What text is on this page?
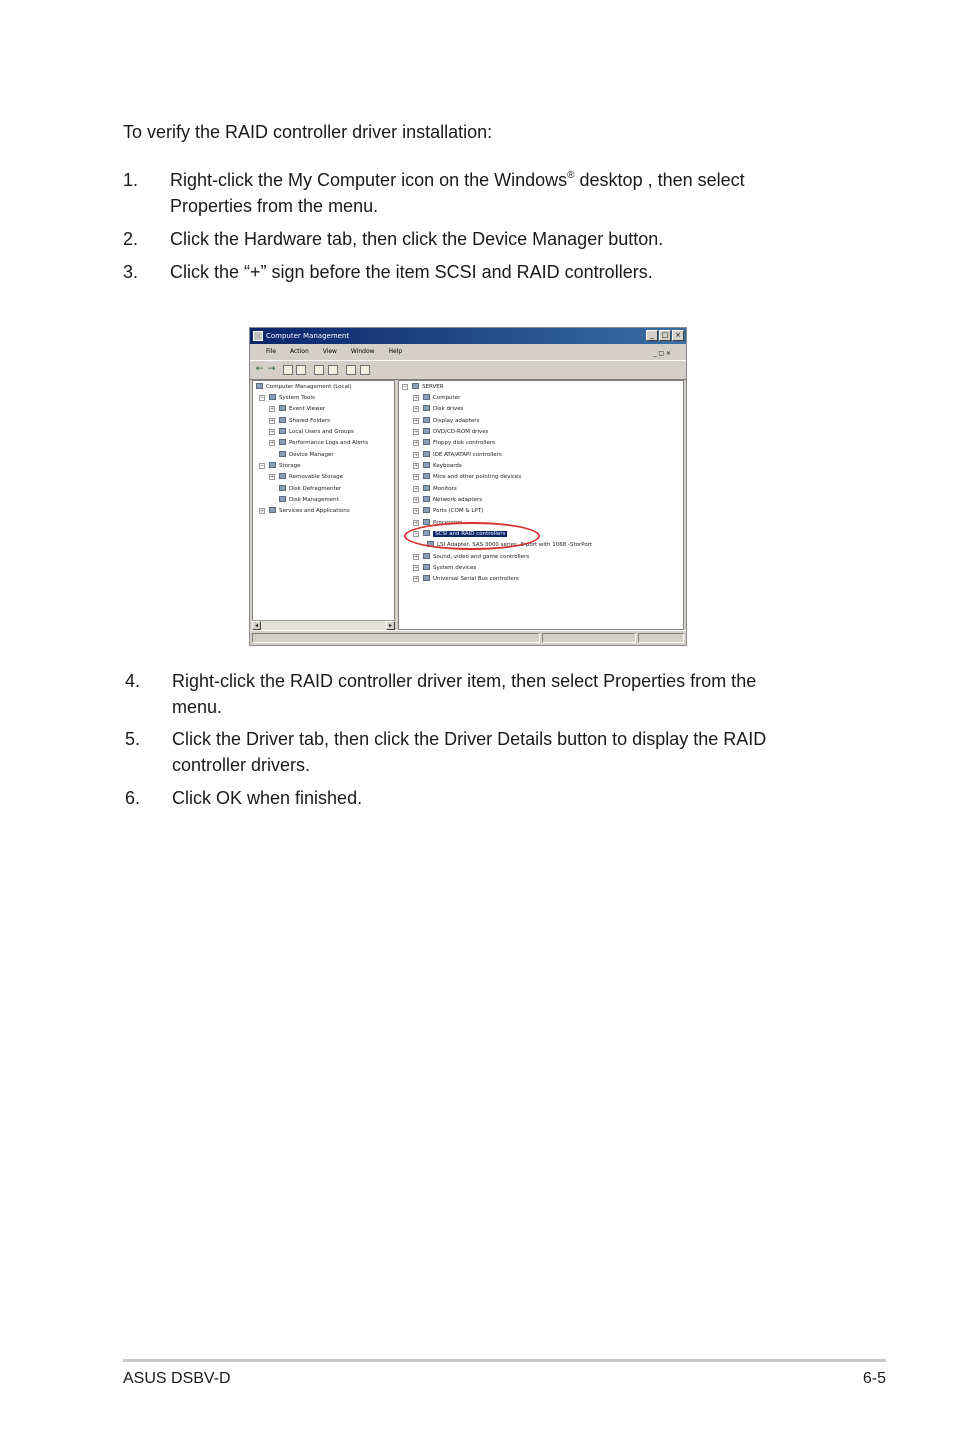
To verify the RAID controller driver installation:
1. Right-click the My Computer icon on the Windows® desktop , then select
Properties from the menu.
2. Click the Hardware tab, then click the Device Manager button.
3. Click the “+” sign before the item SCSI and RAID controllers.
Computer Management	_	□ ×
File Action View Window Help	_ □ ×
← →
Computer Management (Local)
−	System Tools
+	Event Viewer
+	Shared Folders
+	Local Users and Groups
+	Performance Logs and Alerts
Device Manager
−	Storage
+	Removable Storage
Disk Defragmenter
Disk Management
+	Services and Applications
◂	▸
−	SERVER
+	Computer
+	Disk drives
+	Display adapters
+	DVD/CD-ROM drives
+	Floppy disk controllers
+	IDE ATA/ATAPI controllers
+	Keyboards
+	Mice and other pointing devices
+	Monitors
+	Network adapters
+	Ports (COM & LPT)
+	Processors
−	SCSI and RAID controllers
LSI Adapter, SAS 3000 series, 8-port with 1068 -StorPort
+	Sound, video and game controllers
+	System devices
+	Universal Serial Bus controllers
4. Right-click the RAID controller driver item, then select Properties from the
menu.
5. Click the Driver tab, then click the Driver Details button to display the RAID
controller drivers.
6. Click OK when finished.
ASUS DSBV-D	6-5
